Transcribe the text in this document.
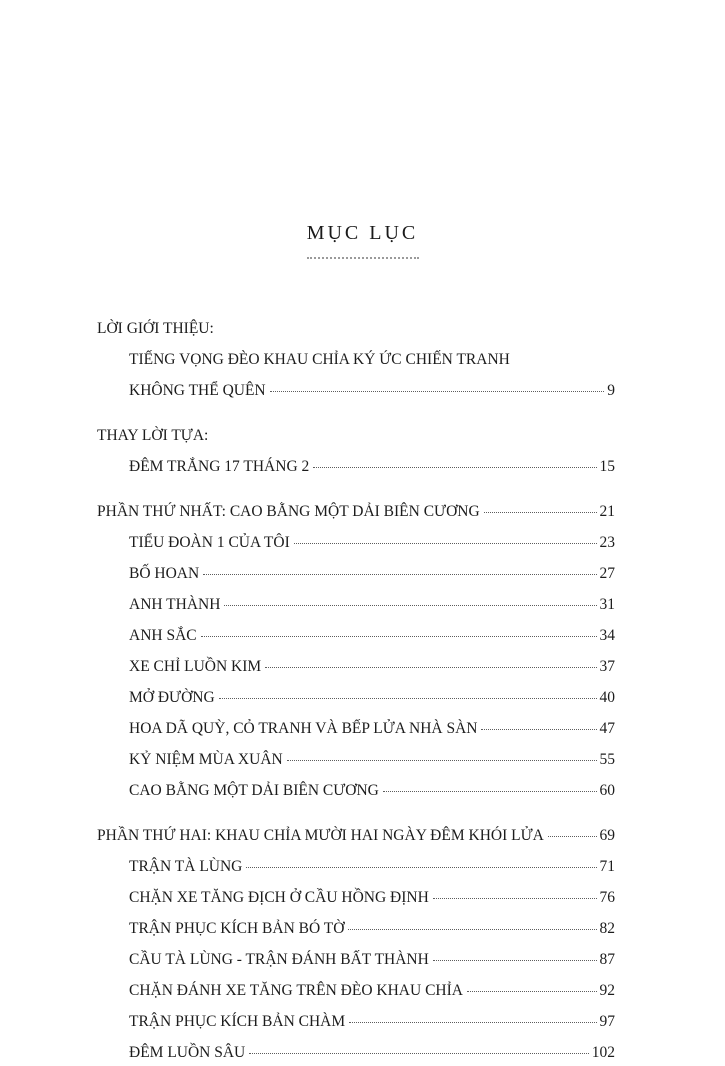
MỤC LỤC
LỜI GIỚI THIỆU:
TIẾNG VỌNG ĐÈO KHAU CHỈA KÝ ỨC CHIẾN TRANH
KHÔNG THỂ QUÊN	9
THAY LỜI TỰA:
ĐÊM TRẮNG 17 THÁNG 2	15
PHẦN THỨ NHẤT: CAO BẰNG MỘT DẢI BIÊN CƯƠNG	21
TIỂU ĐOÀN 1 CỦA TÔI	23
BỐ HOAN	27
ANH THÀNH	31
ANH SẮC	34
XE CHỈ LUỒN KIM	37
MỞ ĐƯỜNG	40
HOA DÃ QUỲ, CỎ TRANH VÀ BẾP LỬA NHÀ SÀN	47
KỶ NIỆM MÙA XUÂN	55
CAO BẰNG MỘT DẢI BIÊN CƯƠNG	60
PHẦN THỨ HAI: KHAU CHỈA MƯỜI HAI NGÀY ĐÊM KHÓI LỬA	69
TRẬN TÀ LÙNG	71
CHẶN XE TĂNG ĐỊCH Ở CẦU HỒNG ĐỊNH	76
TRẬN PHỤC KÍCH BẢN BÓ TỜ	82
CẦU TÀ LÙNG - TRẬN ĐÁNH BẤT THÀNH	87
CHẶN ĐÁNH XE TĂNG TRÊN ĐÈO KHAU CHỈA	92
TRẬN PHỤC KÍCH BẢN CHÀM	97
ĐÊM LUỒN SÂU	102
